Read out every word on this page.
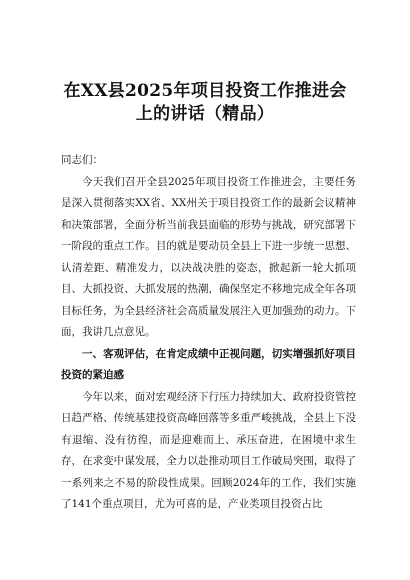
在XX县2025年项目投资工作推进会
上的讲话（精品）

同志们：

今天我们召开全县2025年项目投资工作推进会，主要任务是深入贯彻落实XX省、XX州关于项目投资工作的最新会议精神和决策部署，全面分析当前我县面临的形势与挑战，研究部署下一阶段的重点工作。目的就是要动员全县上下进一步统一思想、认清差距、精准发力，以决战决胜的姿态，掀起新一轮大抓项目、大抓投资、大抓发展的热潮，确保坚定不移地完成全年各项目标任务，为全县经济社会高质量发展注入更加强劲的动力。下面，我讲几点意见。

一、客观评估，在肯定成绩中正视问题，切实增强抓好项目投资的紧迫感

今年以来，面对宏观经济下行压力持续加大、政府投资管控日趋严格、传统基建投资高峰回落等多重严峻挑战，全县上下没有退缩、没有彷徨，而是迎难而上、承压奋进，在困境中求生存，在求变中谋发展，全力以赴推动项目工作破局突围，取得了一系列来之不易的阶段性成果。回顾2024年的工作，我们实施了141个重点项目，尤为可喜的是，产业类项目投资占比
